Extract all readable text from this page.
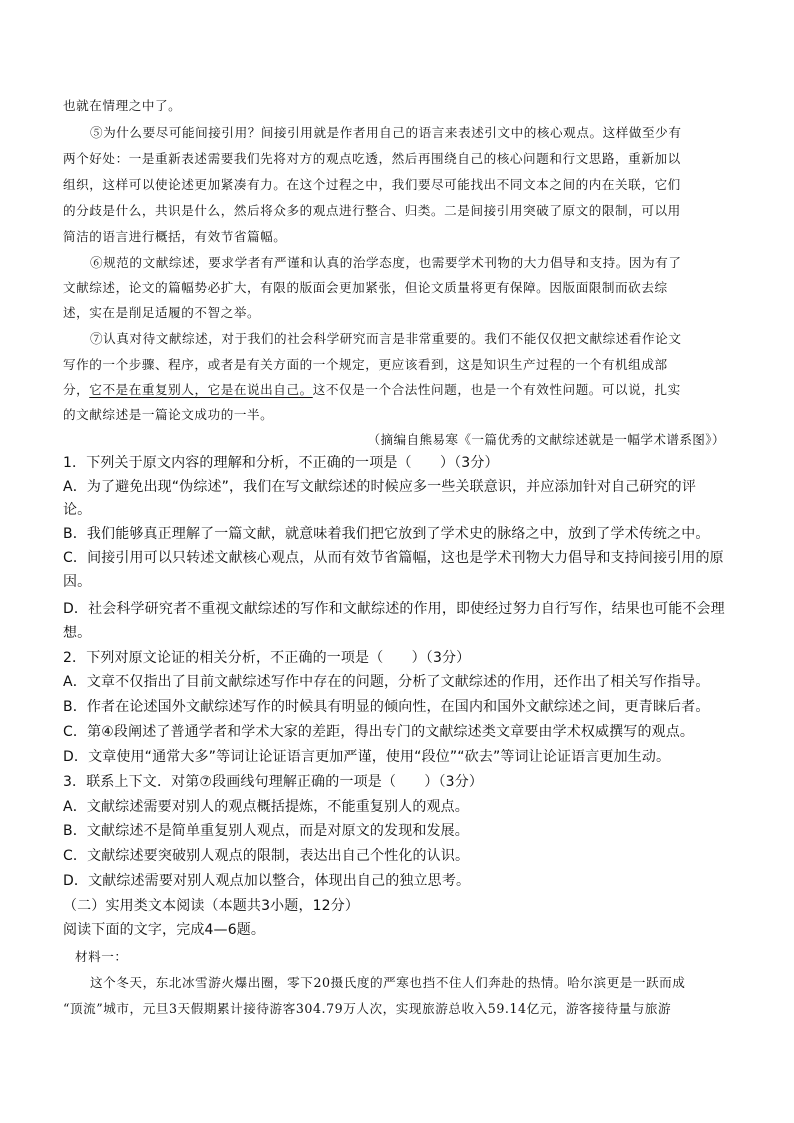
也就在情理之中了。
⑤为什么要尽可能间接引用？间接引用就是作者用自己的语言来表述引文中的核心观点。这样做至少有
两个好处：一是重新表述需要我们先将对方的观点吃透，然后再围绕自己的核心问题和行文思路，重新加以
组织，这样可以使论述更加紧凑有力。在这个过程之中，我们要尽可能找出不同文本之间的内在关联，它们
的分歧是什么，共识是什么，然后将众多的观点进行整合、归类。二是间接引用突破了原文的限制，可以用
简洁的语言进行概括，有效节省篇幅。
⑥规范的文献综述，要求学者有严谨和认真的治学态度，也需要学术刊物的大力倡导和支持。因为有了
文献综述，论文的篇幅势必扩大，有限的版面会更加紧张，但论文质量将更有保障。因版面限制而砍去综
述，实在是削足适履的不智之举。
⑦认真对待文献综述，对于我们的社会科学研究而言是非常重要的。我们不能仅仅把文献综述看作论文
写作的一个步骤、程序，或者是有关方面的一个规定，更应该看到，这是知识生产过程的一个有机组成部
分，它不是在重复别人，它是在说出自己。这不仅是一个合法性问题，也是一个有效性问题。可以说，扎实
的文献综述是一篇论文成功的一半。
（摘编自熊易寒《一篇优秀的文献综述就是一幅学术谱系图》）
1．下列关于原文内容的理解和分析，不正确的一项是（　　）（3分）
A．为了避免出现“伪综述”，我们在写文献综述的时候应多一些关联意识，并应添加针对自己研究的评
论。
B．我们能够真正理解了一篇文献，就意味着我们把它放到了学术史的脉络之中，放到了学术传统之中。
C．间接引用可以只转述文献核心观点，从而有效节省篇幅，这也是学术刊物大力倡导和支持间接引用的原
因。
D．社会科学研究者不重视文献综述的写作和文献综述的作用，即使经过努力自行写作，结果也可能不会理
想。
2．下列对原文论证的相关分析，不正确的一项是（　　）（3分）
A．文章不仅指出了目前文献综述写作中存在的问题，分析了文献综述的作用，还作出了相关写作指导。
B．作者在论述国外文献综述写作的时候具有明显的倾向性，在国内和国外文献综述之间，更青睐后者。
C．第④段阐述了普通学者和学术大家的差距，得出专门的文献综述类文章要由学术权威撰写的观点。
D．文章使用“通常大多”等词让论证语言更加严谨，使用“段位”“砍去”等词让论证语言更加生动。
3．联系上下文．对第⑦段画线句理解正确的一项是（　　）（3分）
A．文献综述需要对别人的观点概括提炼，不能重复别人的观点。
B．文献综述不是简单重复别人观点，而是对原文的发现和发展。
C．文献综述要突破别人观点的限制，表达出自己个性化的认识。
D．文献综述需要对别人观点加以整合，体现出自己的独立思考。
（二）实用类文本阅读（本题共3小题，12分）
阅读下面的文字，完成4—6题。
材料一：
这个冬天，东北冰雪游火爆出圈，零下20摄氏度的严寒也挡不住人们奔赴的热情。哈尔滨更是一跃而成
“顶流”城市，元旦3天假期累计接待游客304.79万人次，实现旅游总收入59.14亿元，游客接待量与旅游
